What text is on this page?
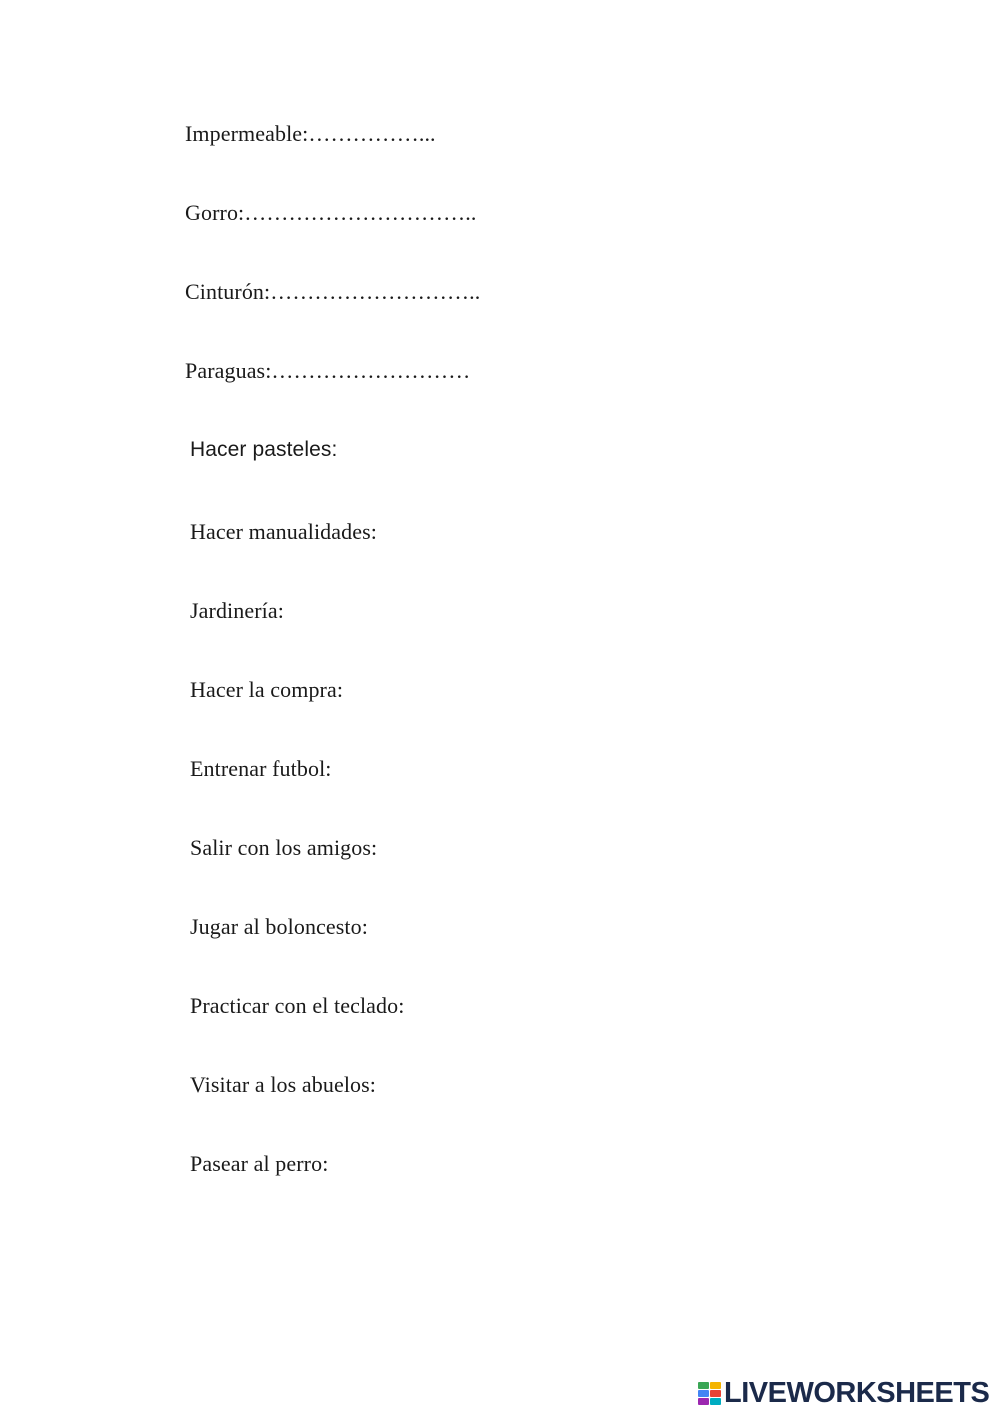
Impermeable:……………...
Gorro:…………………………..
Cinturón:………………………..
Paraguas:………………………
Hacer pasteles:
Hacer manualidades:
Jardinería:
Hacer la compra:
Entrenar futbol:
Salir con los amigos:
Jugar al boloncesto:
Practicar con el teclado:
Visitar a los abuelos:
Pasear al perro:
LIVEWORKSHEETS
